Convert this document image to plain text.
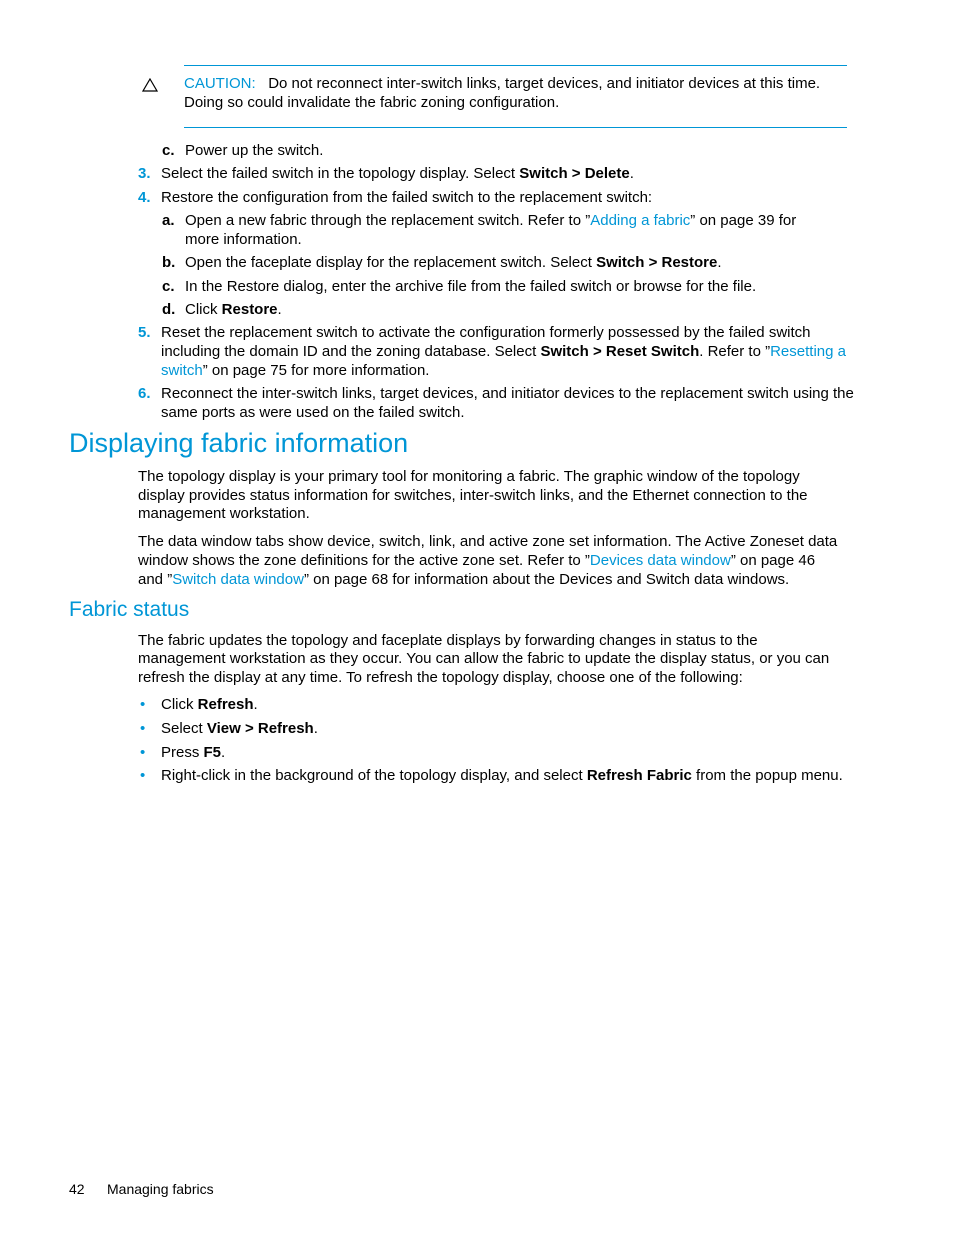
CAUTION: Do not reconnect inter-switch links, target devices, and initiator devices at this time.
Doing so could invalidate the fabric zoning configuration.
c. Power up the switch.
3. Select the failed switch in the topology display. Select Switch > Delete.
4. Restore the configuration from the failed switch to the replacement switch:
a. Open a new fabric through the replacement switch. Refer to ”Adding a fabric” on page 39 for
more information.
b. Open the faceplate display for the replacement switch. Select Switch > Restore.
c. In the Restore dialog, enter the archive file from the failed switch or browse for the file.
d. Click Restore.
5. Reset the replacement switch to activate the configuration formerly possessed by the failed switch
including the domain ID and the zoning database. Select Switch > Reset Switch. Refer to ”Resetting a
switch” on page 75 for more information.
6. Reconnect the inter-switch links, target devices, and initiator devices to the replacement switch using the
same ports as were used on the failed switch.
Displaying fabric information
The topology display is your primary tool for monitoring a fabric. The graphic window of the topology
display provides status information for switches, inter-switch links, and the Ethernet connection to the
management workstation.
The data window tabs show device, switch, link, and active zone set information. The Active Zoneset data
window shows the zone definitions for the active zone set. Refer to ”Devices data window” on page 46
and ”Switch data window” on page 68 for information about the Devices and Switch data windows.
Fabric status
The fabric updates the topology and faceplate displays by forwarding changes in status to the
management workstation as they occur. You can allow the fabric to update the display status, or you can
refresh the display at any time. To refresh the topology display, choose one of the following:
• Click Refresh.
• Select View > Refresh.
• Press F5.
• Right-click in the background of the topology display, and select Refresh Fabric from the popup menu.
42 Managing fabrics
